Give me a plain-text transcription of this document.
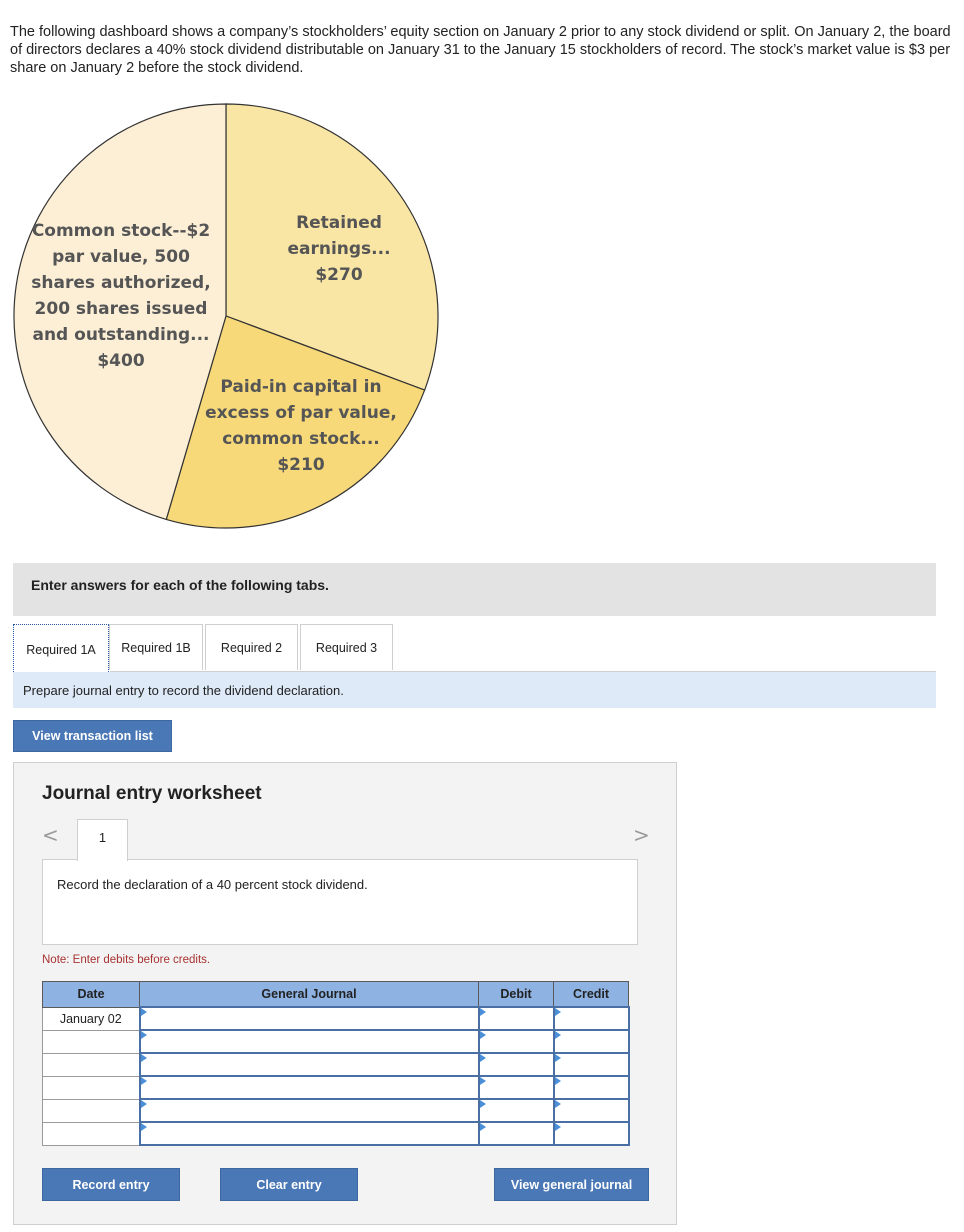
The following dashboard shows a company’s stockholders’ equity section on January 2 prior to any stock dividend or split. On January 2, the board of directors declares a 40% stock dividend distributable on January 31 to the January 15 stockholders of record. The stock’s market value is $3 per share on January 2 before the stock dividend.
Retained
earnings...
$270
Paid-in capital in
excess of par value,
common stock...
$210
Common stock--$2
par value, 500
shares authorized,
200 shares issued
and outstanding...
$400
Enter answers for each of the following tabs.
Required 1A	Required 1B	Required 2	Required 3
Prepare journal entry to record the dividend declaration.
View transaction list
Journal entry worksheet
<	1	>
Record the declaration of a 40 percent stock dividend.
Note: Enter debits before credits.
Date	General Journal	Debit	Credit
January 02			

Record entry	Clear entry	View general journal
